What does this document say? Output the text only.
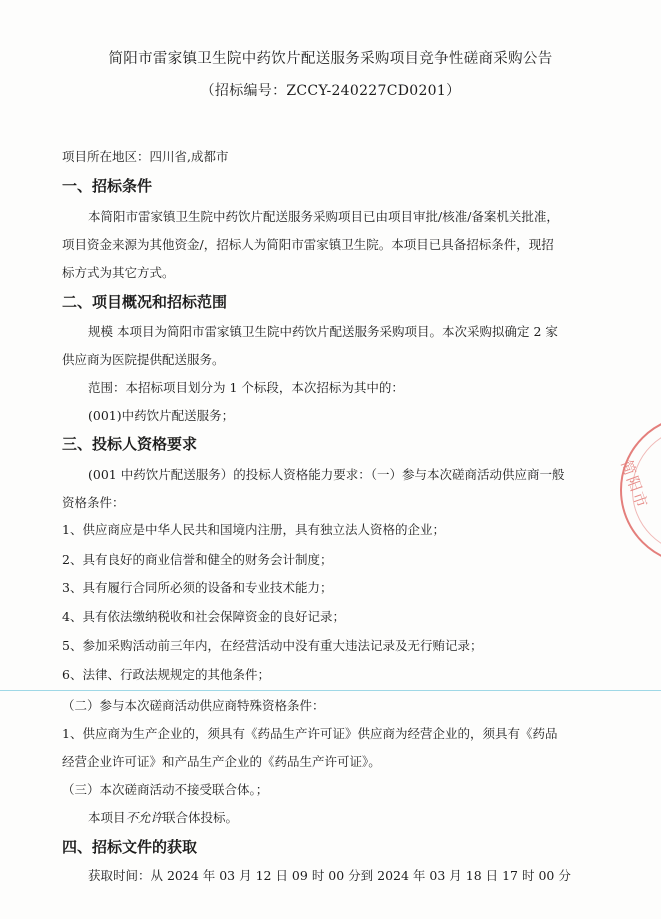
简阳市雷家镇卫生院中药饮片配送服务采购项目竞争性磋商采购公告
（招标编号：ZCCY-240227CD0201）
项目所在地区：四川省,成都市
一、招标条件
本简阳市雷家镇卫生院中药饮片配送服务采购项目已由项目审批/核准/备案机关批准，
项目资金来源为其他资金/，招标人为简阳市雷家镇卫生院。本项目已具备招标条件，现招
标方式为其它方式。
二、项目概况和招标范围
规模 本项目为简阳市雷家镇卫生院中药饮片配送服务采购项目。本次采购拟确定 2 家
供应商为医院提供配送服务。
范围：本招标项目划分为 1 个标段，本次招标为其中的：
(001)中药饮片配送服务；
三、投标人资格要求
(001 中药饮片配送服务）的投标人资格能力要求：（一）参与本次磋商活动供应商一般
资格条件：
1、供应商应是中华人民共和国境内注册，具有独立法人资格的企业；
2、具有良好的商业信誉和健全的财务会计制度；
3、具有履行合同所必须的设备和专业技术能力；
4、具有依法缴纳税收和社会保障资金的良好记录；
5、参加采购活动前三年内，在经营活动中没有重大违法记录及无行贿记录；
6、法律、行政法规规定的其他条件；
（二）参与本次磋商活动供应商特殊资格条件：
1、供应商为生产企业的，须具有《药品生产许可证》供应商为经营企业的，须具有《药品
经营企业许可证》和产品生产企业的《药品生产许可证》。
（三）本次磋商活动不接受联合体。；
本项目不允许联合体投标。
四、招标文件的获取
获取时间：从 2024 年 03 月 12 日 09 时 00 分到 2024 年 03 月 18 日 17 时 00 分
简阳市
